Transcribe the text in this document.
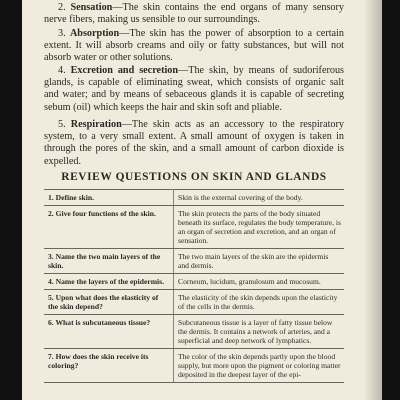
2. Sensation—The skin contains the end organs of many sensory nerve fibers, making us sensible to our surroundings.

3. Absorption—The skin has the power of absorption to a certain extent. It will absorb creams and oily or fatty substances, but will not absorb water or other solutions.

4. Excretion and secretion—The skin, by means of sudoriferous glands, is capable of eliminating sweat, which consists of organic salt and water; and by means of sebaceous glands it is capable of secreting sebum (oil) which keeps the hair and skin soft and pliable.

5. Respiration—The skin acts as an accessory to the respiratory system, to a very small extent. A small amount of oxygen is taken in through the pores of the skin, and a small amount of carbon dioxide is expelled.

REVIEW QUESTIONS ON SKIN AND GLANDS
1. Define skin.	Skin is the external covering of the body.
2. Give four functions of the skin.	The skin protects the parts of the body situated beneath its surface, regulates the body temperature, is an organ of secretion and excretion, and an organ of sensation.
3. Name the two main layers of the skin.	The two main layers of the skin are the epidermis and dermis.
4. Name the layers of the epidermis.	Corneum, lucidum, granulosum and mucosum.
5. Upon what does the elasticity of the skin depend?	The elasticity of the skin depends upon the elasticity of the cells in the dermis.
6. What is subcutaneous tissue?	Subcutaneous tissue is a layer of fatty tissue below the dermis. It contains a network of arteries, and a superficial and deep network of lymphatics.
7. How does the skin receive its coloring?	The color of the skin depends partly upon the blood supply, but more upon the pigment or coloring matter deposited in the deepest layer of the epi-
